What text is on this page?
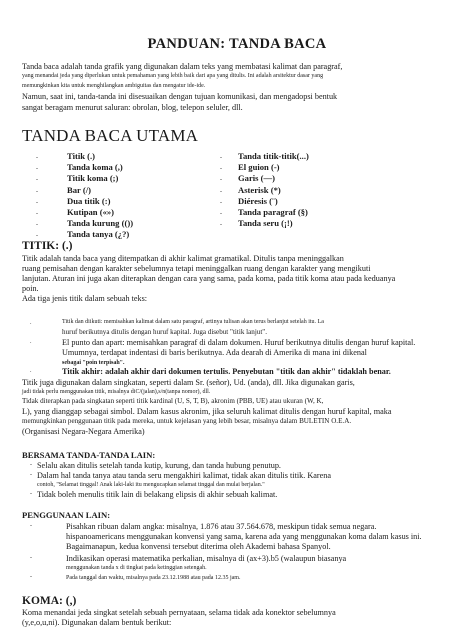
PANDUAN: TANDA BACA
Tanda baca adalah tanda grafik yang digunakan dalam teks yang membatasi kalimat dan paragraf,
yang menandai jeda yang diperlukan untuk pemahaman yang lebih baik dari apa yang ditulis. Ini adalah arsitektur dasar yang
memungkinkan kita untuk menghilangkan ambiguitas dan mengatur ide-ide.
Namun, saat ini, tanda-tanda ini disesuaikan dengan tujuan komunikasi, dan mengadopsi bentuk
sangat beragam menurut saluran: obrolan, blog, telepon seluler, dll.
TANDA BACA UTAMA
.	Titik (.)
.	Tanda koma (,)
.	Titik koma (;)
.	Bar (/)
.	Dua titik (:)
.	Kutipan («»)
.	Tanda kurung (())
.	Tanda tanya (¿?)
. Tanda titik-titik(...)
. El guion (-)
. Garis (—)
. Asterisk (*)
. Diéresis (¨)
. Tanda paragraf (§)
. Tanda seru (¡!)
TITIK: (.)
Titik adalah tanda baca yang ditempatkan di akhir kalimat gramatikal. Ditulis tanpa meninggalkan
ruang pemisahan dengan karakter sebelumnya tetapi meninggalkan ruang dengan karakter yang mengikuti
lanjutan. Aturan ini juga akan diterapkan dengan cara yang sama, pada koma, pada titik koma atau pada keduanya
poin.
Ada tiga jenis titik dalam sebuah teks:
.	Titik dan diikuti: memisahkan kalimat dalam satu paragraf, artinya tulisan akan terus berlanjut setelah itu. La
huruf berikutnya ditulis dengan huruf kapital. Juga disebut "titik lanjut".
.	El punto dan apart: memisahkan paragraf di dalam dokumen. Huruf berikutnya ditulis dengan huruf kapital.
Umumnya, terdapat indentasi di baris berikutnya. Ada dearah di Amerika di mana ini dikenal
sebagai "poin terpisah".
.	Titik akhir: adalah akhir dari dokumen tertulis. Penyebutan "titik dan akhir" tidaklah benar.
Titik juga digunakan dalam singkatan, seperti dalam Sr. (señor), Ud. (anda), dll. Jika digunakan garis,
jadi tidak perlu menggunakan titik, misalnya diC/(jalan),s/n(tanpa nomor), dll.
Tidak diterapkan pada singkatan seperti titik kardinal (U, S, T, B), akronim (PBB, UE) atau ukuran (W, K,
L), yang dianggap sebagai simbol. Dalam kasus akronim, jika seluruh kalimat ditulis dengan huruf kapital, maka
memungkinkan penggunaan titik pada mereka, untuk kejelasan yang lebih besar, misalnya dalam BULETIN O.E.A.
(Organisasi Negara-Negara Amerika)
BERSAMA TANDA-TANDA LAIN:
- Selalu akan ditulis setelah tanda kutip, kurung, dan tanda hubung penutup.
- Dalam hal tanda tanya atau tanda seru mengakhiri kalimat, tidak akan ditulis titik. Karena
contoh, "Selamat tinggal! Anak laki-laki itu mengucapkan selamat tinggal dan mulai berjalan."
- Tidak boleh menulis titik lain di belakang elipsis di akhir sebuah kalimat.
PENGGUNAAN LAIN:
-	Pisahkan ribuan dalam angka: misalnya, 1.876 atau 37.564.678, meskipun tidak semua negara.
hispanoamericans menggunakan konvensi yang sama, karena ada yang menggunakan koma dalam kasus ini.
Bagaimanapun, kedua konvensi tersebut diterima oleh Akademi bahasa Spanyol.
-	Indikasikan operasi matematika perkalian, misalnya di (ax+3).b5 (walaupun biasanya
menggunakan tanda x di tingkat pada ketinggian setengah.
-	Pada tanggal dan waktu, misalnya pada 23.12.1988 atau pada 12.35 jam.
KOMA: (,)
Koma menandai jeda singkat setelah sebuah pernyataan, selama tidak ada konektor sebelumnya
(y,e,o,u,ni). Digunakan dalam bentuk berikut:
